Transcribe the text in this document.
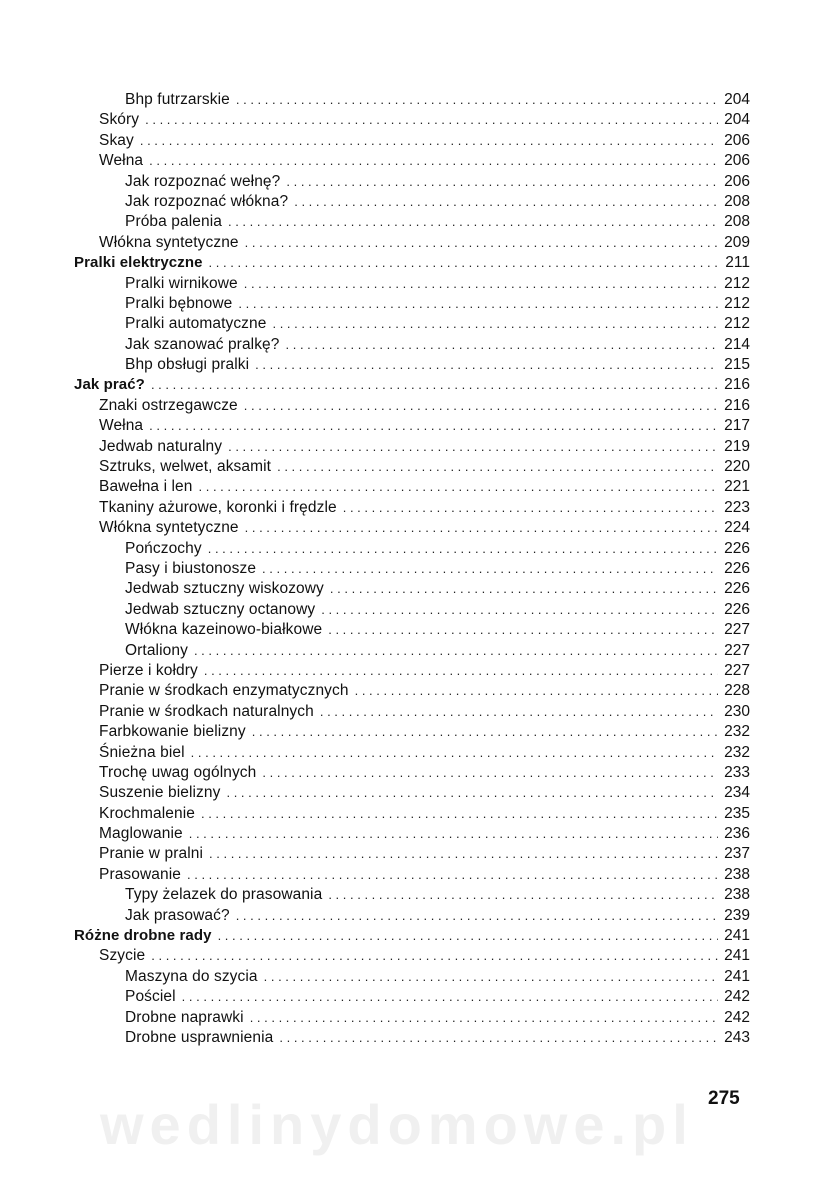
Bhp futrzarskie . . .	204
Skóry . . .	204
Skay . . .	206
Wełna . . .	206
Jak rozpoznać wełnę? . . .	206
Jak rozpoznać włókna? . . .	208
Próba palenia . . .	208
Włókna syntetyczne . . .	209
Pralki elektryczne . . .	211
Pralki wirnikowe . . .	212
Pralki bębnowe . . .	212
Pralki automatyczne . . .	212
Jak szanować pralkę? . . .	214
Bhp obsługi pralki . . .	215
Jak prać? . . .	216
Znaki ostrzegawcze . . .	216
Wełna . . .	217
Jedwab naturalny . . .	219
Sztruks, welwet, aksamit . . .	220
Bawełna i len . . .	221
Tkaniny ażurowe, koronki i frędzle . . .	223
Włókna syntetyczne . . .	224
Pończochy . . .	226
Pasy i biustonosze . . .	226
Jedwab sztuczny wiskozowy . . .	226
Jedwab sztuczny octanowy . . .	226
Włókna kazeinowo-białkowe . . .	227
Ortaliony . . .	227
Pierze i kołdry . . .	227
Pranie w środkach enzymatycznych . . .	228
Pranie w środkach naturalnych . . .	230
Farbkowanie bielizny . . .	232
Śnieżna biel . . .	232
Trochę uwag ogólnych . . .	233
Suszenie bielizny . . .	234
Krochmalenie . . .	235
Maglowanie . . .	236
Pranie w pralni . . .	237
Prasowanie . . .	238
Typy żelazek do prasowania . . .	238
Jak prasować? . . .	239
Różne drobne rady . . .	241
Szycie . . .	241
Maszyna do szycia . . .	241
Pościel . . .	242
Drobne naprawki . . .	242
Drobne usprawnienia . . .	243
wedlinydomowe.pl 275
